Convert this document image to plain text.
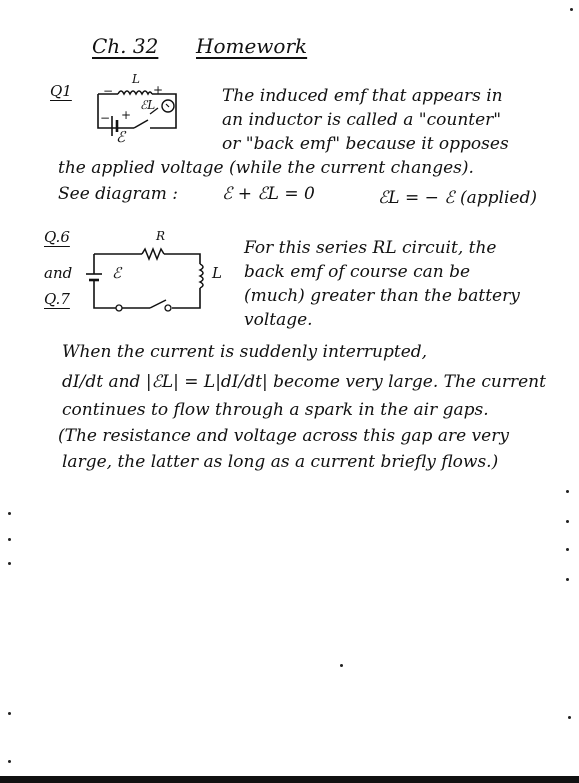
Ch. 32 Homework
Q1	−
L
+
ℰL
− +
ℰ
The induced emf that appears in
an inductor is called a "counter"
or "back emf" because it opposes
the applied voltage (while the current changes).
See diagram :	ℰ + ℰL = 0	ℰL = − ℰ (applied)
Q.6
and
Q.7
R
ℰ	L
For this series RL circuit, the
back emf of course can be
(much) greater than the battery
voltage.
When the current is suddenly interrupted,
dI/dt and |ℰL| = L|dI/dt| become very large. The current
continues to flow through a spark in the air gaps.
(The resistance and voltage across this gap are very
large, the latter as long as a current briefly flows.)
